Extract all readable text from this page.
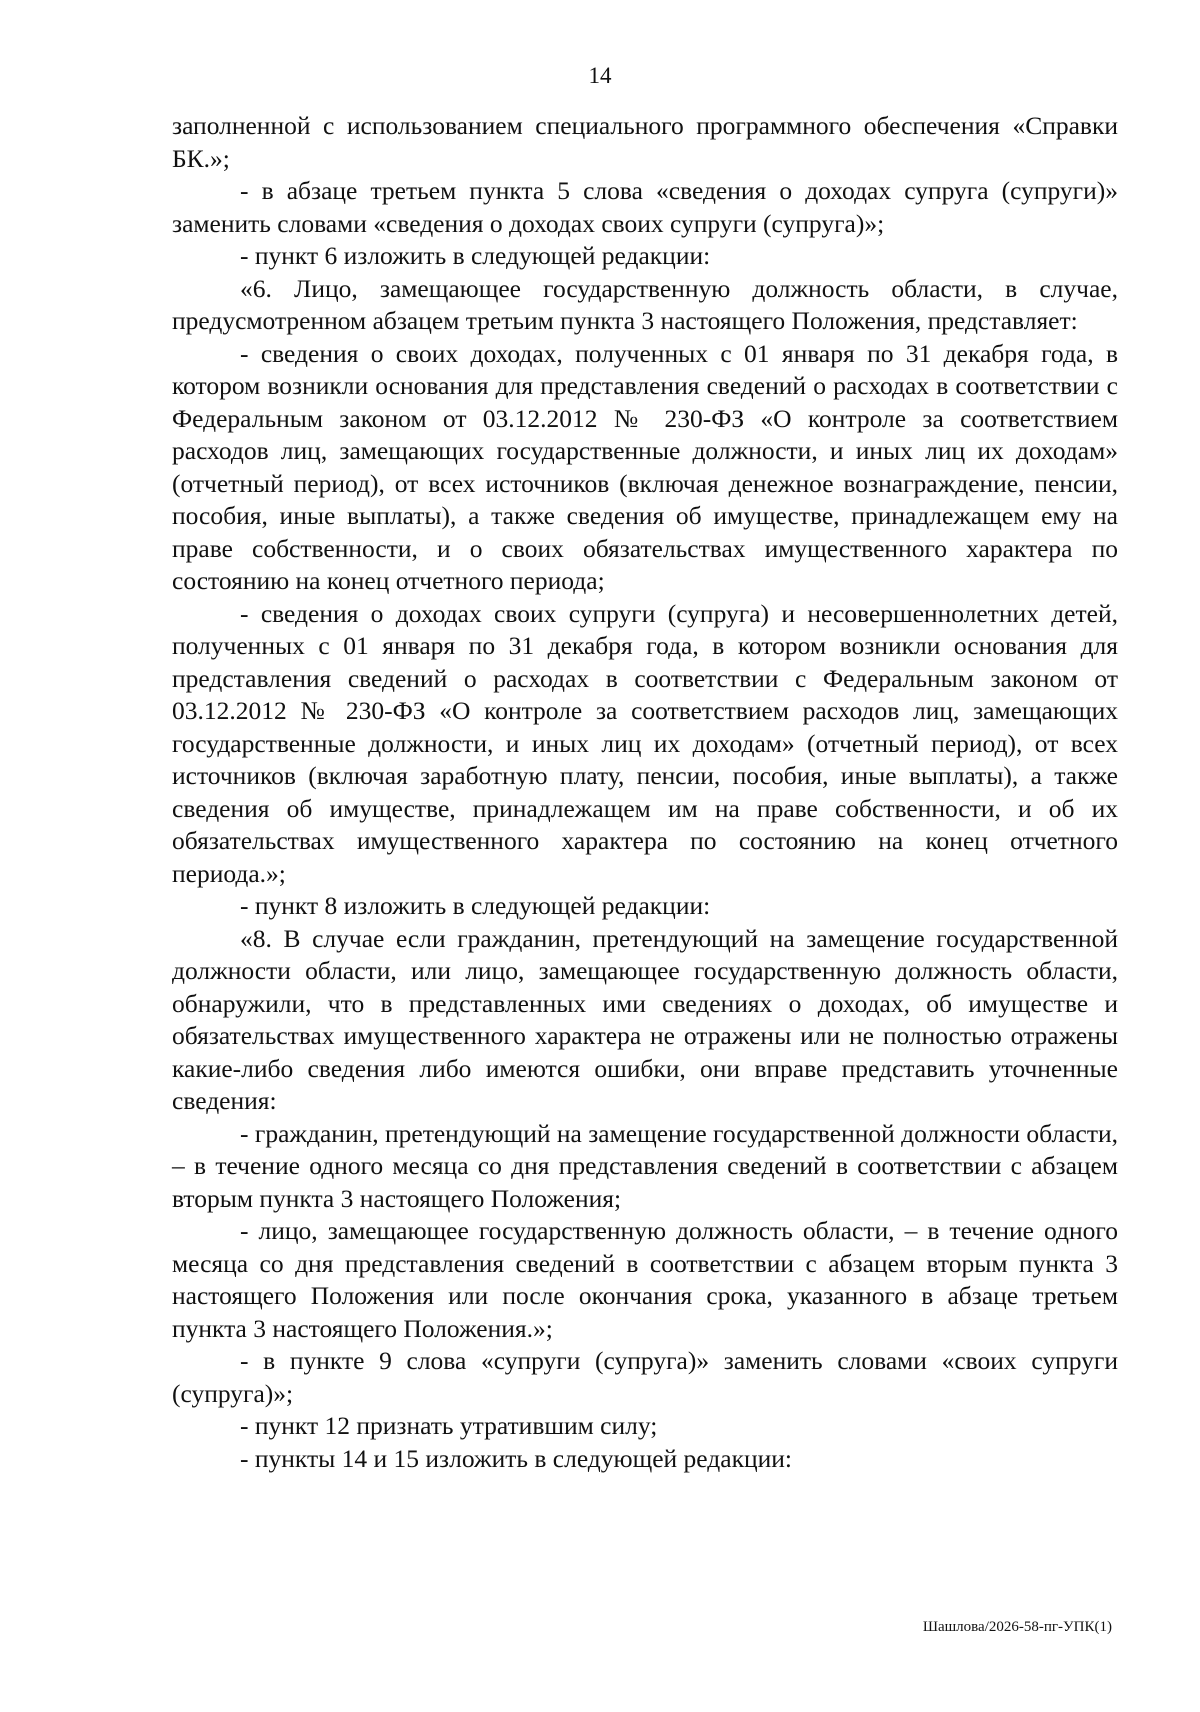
14

заполненной с использованием специального программного обеспечения «Справки БК.»;

- в абзаце третьем пункта 5 слова «сведения о доходах супруга (супруги)» заменить словами «сведения о доходах своих супруги (супруга)»;

- пункт 6 изложить в следующей редакции:

«6. Лицо, замещающее государственную должность области, в случае, предусмотренном абзацем третьим пункта 3 настоящего Положения, представляет:

- сведения о своих доходах, полученных с 01 января по 31 декабря года, в котором возникли основания для представления сведений о расходах в соответствии с Федеральным законом от 03.12.2012 № 230-ФЗ «О контроле за соответствием расходов лиц, замещающих государственные должности, и иных лиц их доходам» (отчетный период), от всех источников (включая денежное вознаграждение, пенсии, пособия, иные выплаты), а также сведения об имуществе, принадлежащем ему на праве собственности, и о своих обязательствах имущественного характера по состоянию на конец отчетного периода;

- сведения о доходах своих супруги (супруга) и несовершеннолетних детей, полученных с 01 января по 31 декабря года, в котором возникли основания для представления сведений о расходах в соответствии с Федеральным законом от 03.12.2012 № 230-ФЗ «О контроле за соответствием расходов лиц, замещающих государственные должности, и иных лиц их доходам» (отчетный период), от всех источников (включая заработную плату, пенсии, пособия, иные выплаты), а также сведения об имуществе, принадлежащем им на праве собственности, и об их обязательствах имущественного характера по состоянию на конец отчетного периода.»;

- пункт 8 изложить в следующей редакции:

«8. В случае если гражданин, претендующий на замещение государственной должности области, или лицо, замещающее государственную должность области, обнаружили, что в представленных ими сведениях о доходах, об имуществе и обязательствах имущественного характера не отражены или не полностью отражены какие-либо сведения либо имеются ошибки, они вправе представить уточненные сведения:

- гражданин, претендующий на замещение государственной должности области, – в течение одного месяца со дня представления сведений в соответствии с абзацем вторым пункта 3 настоящего Положения;

- лицо, замещающее государственную должность области, – в течение одного месяца со дня представления сведений в соответствии с абзацем вторым пункта 3 настоящего Положения или после окончания срока, указанного в абзаце третьем пункта 3 настоящего Положения.»;

- в пункте 9 слова «супруги (супруга)» заменить словами «своих супруги (супруга)»;

- пункт 12 признать утратившим силу;

- пункты 14 и 15 изложить в следующей редакции:

Шашлова/2026-58-пг-УПК(1)
